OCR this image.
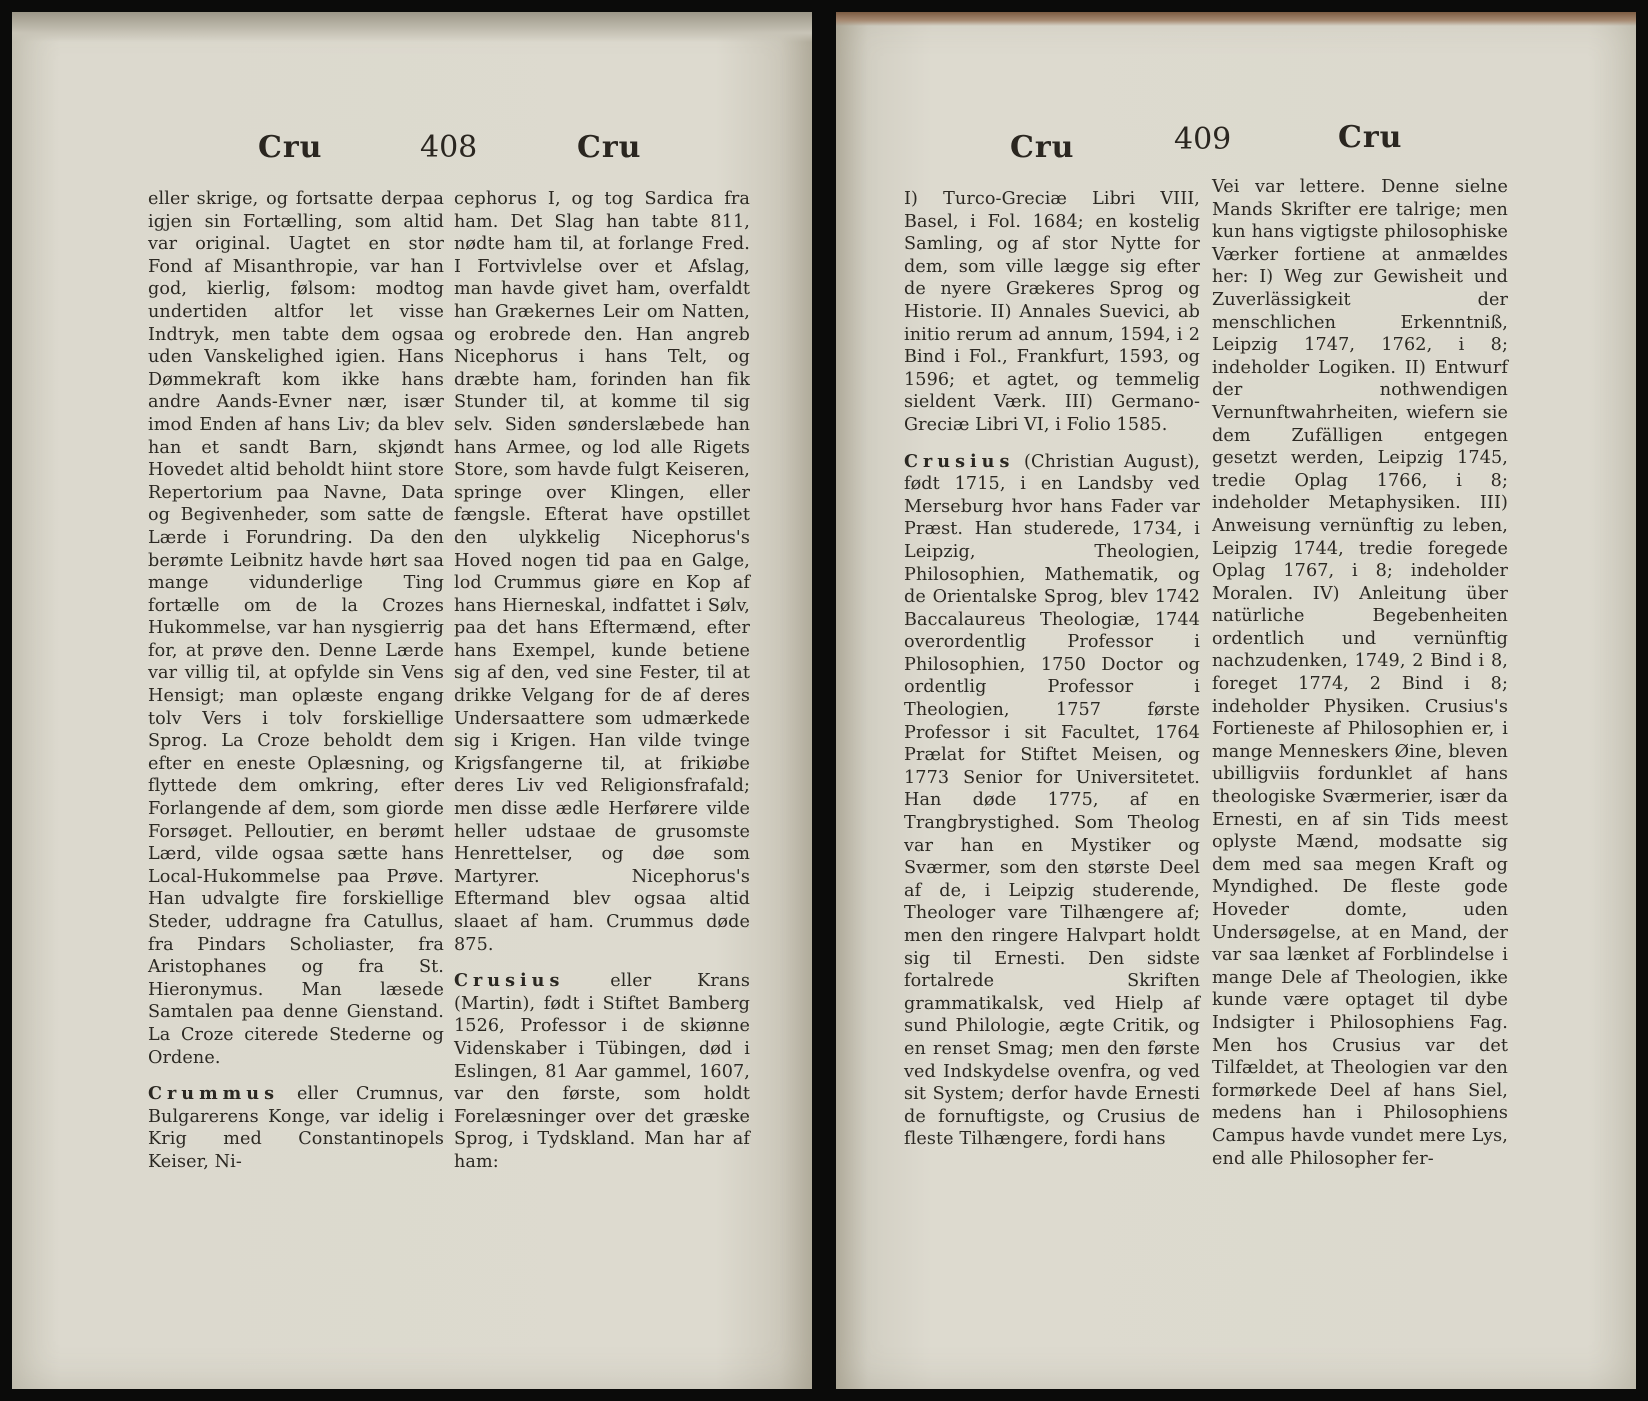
Cru	408	Cru

eller skrige, og fortsatte derpaa igjen sin Fortælling, som altid var original. Uagtet en stor Fond af Misanthropie, var han god, kierlig, følsom: modtog undertiden altfor let visse Indtryk, men tabte dem ogsaa uden Vanskelighed igien. Hans Dømmekraft kom ikke hans andre Aands-Evner nær, især imod Enden af hans Liv; da blev han et sandt Barn, skjøndt Hovedet altid beholdt hiint store Repertorium paa Navne, Data og Begivenheder, som satte de Lærde i Forundring. Da den berømte Leibnitz havde hørt saa mange vidunderlige Ting fortælle om de la Crozes Hukommelse, var han nysgierrig for, at prøve den. Denne Lærde var villig til, at opfylde sin Vens Hensigt; man oplæste engang tolv Vers i tolv forskiellige Sprog. La Croze beholdt dem efter en eneste Oplæsning, og flyttede dem omkring, efter Forlangende af dem, som giorde Forsøget. Pelloutier, en berømt Lærd, vilde ogsaa sætte hans Local-Hukommelse paa Prøve. Han udvalgte fire forskiellige Steder, uddragne fra Catullus, fra Pindars Scholiaster, fra Aristophanes og fra St. Hieronymus. Man læsede Samtalen paa denne Gienstand. La Croze citerede Stederne og Ordene.

Crummus eller Crumnus, Bulgarerens Konge, var idelig i Krig med Constantinopels Keiser, Ni-

cephorus I, og tog Sardica fra ham. Det Slag han tabte 811, nødte ham til, at forlange Fred. I Fortvivlelse over et Afslag, man havde givet ham, overfaldt han Grækernes Leir om Natten, og erobrede den. Han angreb Nicephorus i hans Telt, og dræbte ham, forinden han fik Stunder til, at komme til sig selv. Siden sønderslæbede han hans Armee, og lod alle Rigets Store, som havde fulgt Keiseren, springe over Klingen, eller fængsle. Efterat have opstillet den ulykkelig Nicephorus's Hoved nogen tid paa en Galge, lod Crummus giøre en Kop af hans Hierneskal, indfattet i Sølv, paa det hans Eftermænd, efter hans Exempel, kunde betiene sig af den, ved sine Fester, til at drikke Velgang for de af deres Undersaattere som udmærkede sig i Krigen. Han vilde tvinge Krigsfangerne til, at frikiøbe deres Liv ved Religionsfrafald; men disse ædle Herførere vilde heller udstaae de grusomste Henrettelser, og døe som Martyrer. Nicephorus's Eftermand blev ogsaa altid slaaet af ham. Crummus døde 875.

Crusius eller Krans (Martin), født i Stiftet Bamberg 1526, Professor i de skiønne Videnskaber i Tübingen, død i Eslingen, 81 Aar gammel, 1607, var den første, som holdt Forelæsninger over det græske Sprog, i Tydskland. Man har af ham:

Cru	409	Cru

I) Turco-Greciæ Libri VIII, Basel, i Fol. 1684; en kostelig Samling, og af stor Nytte for dem, som ville lægge sig efter de nyere Grækeres Sprog og Historie. II) Annales Suevici, ab initio rerum ad annum, 1594, i 2 Bind i Fol., Frankfurt, 1593, og 1596; et agtet, og temmelig sieldent Værk. III) Germano-Greciæ Libri VI, i Folio 1585.

Crusius (Christian August), født 1715, i en Landsby ved Merseburg hvor hans Fader var Præst. Han studerede, 1734, i Leipzig, Theologien, Philosophien, Mathematik, og de Orientalske Sprog, blev 1742 Baccalaureus Theologiæ, 1744 overordentlig Professor i Philosophien, 1750 Doctor og ordentlig Professor i Theologien, 1757 første Professor i sit Facultet, 1764 Prælat for Stiftet Meisen, og 1773 Senior for Universitetet. Han døde 1775, af en Trangbrystighed. Som Theolog var han en Mystiker og Sværmer, som den største Deel af de, i Leipzig studerende, Theologer vare Tilhængere af; men den ringere Halvpart holdt sig til Ernesti. Den sidste fortalrede Skriften grammatikalsk, ved Hielp af sund Philologie, ægte Critik, og en renset Smag; men den første ved Indskydelse ovenfra, og ved sit System; derfor havde Ernesti de fornuftigste, og Crusius de fleste Tilhængere, fordi hans

Vei var lettere. Denne sielne Mands Skrifter ere talrige; men kun hans vigtigste philosophiske Værker fortiene at anmældes her: I) Weg zur Gewisheit und Zuverlässigkeit der menschlichen Erkenntniß, Leipzig 1747, 1762, i 8; indeholder Logiken. II) Entwurf der nothwendigen Vernunftwahrheiten, wiefern sie dem Zufälligen entgegen gesetzt werden, Leipzig 1745, tredie Oplag 1766, i 8; indeholder Metaphysiken. III) Anweisung vernünftig zu leben, Leipzig 1744, tredie foregede Oplag 1767, i 8; indeholder Moralen. IV) Anleitung über natürliche Begebenheiten ordentlich und vernünftig nachzudenken, 1749, 2 Bind i 8, foreget 1774, 2 Bind i 8; indeholder Physiken. Crusius's Fortieneste af Philosophien er, i mange Menneskers Øine, bleven ubilligviis fordunklet af hans theologiske Sværmerier, især da Ernesti, en af sin Tids meest oplyste Mænd, modsatte sig dem med saa megen Kraft og Myndighed. De fleste gode Hoveder domte, uden Undersøgelse, at en Mand, der var saa lænket af Forblindelse i mange Dele af Theologien, ikke kunde være optaget til dybe Indsigter i Philosophiens Fag. Men hos Crusius var det Tilfældet, at Theologien var den formørkede Deel af hans Siel, medens han i Philosophiens Campus havde vundet mere Lys, end alle Philosopher fer-
